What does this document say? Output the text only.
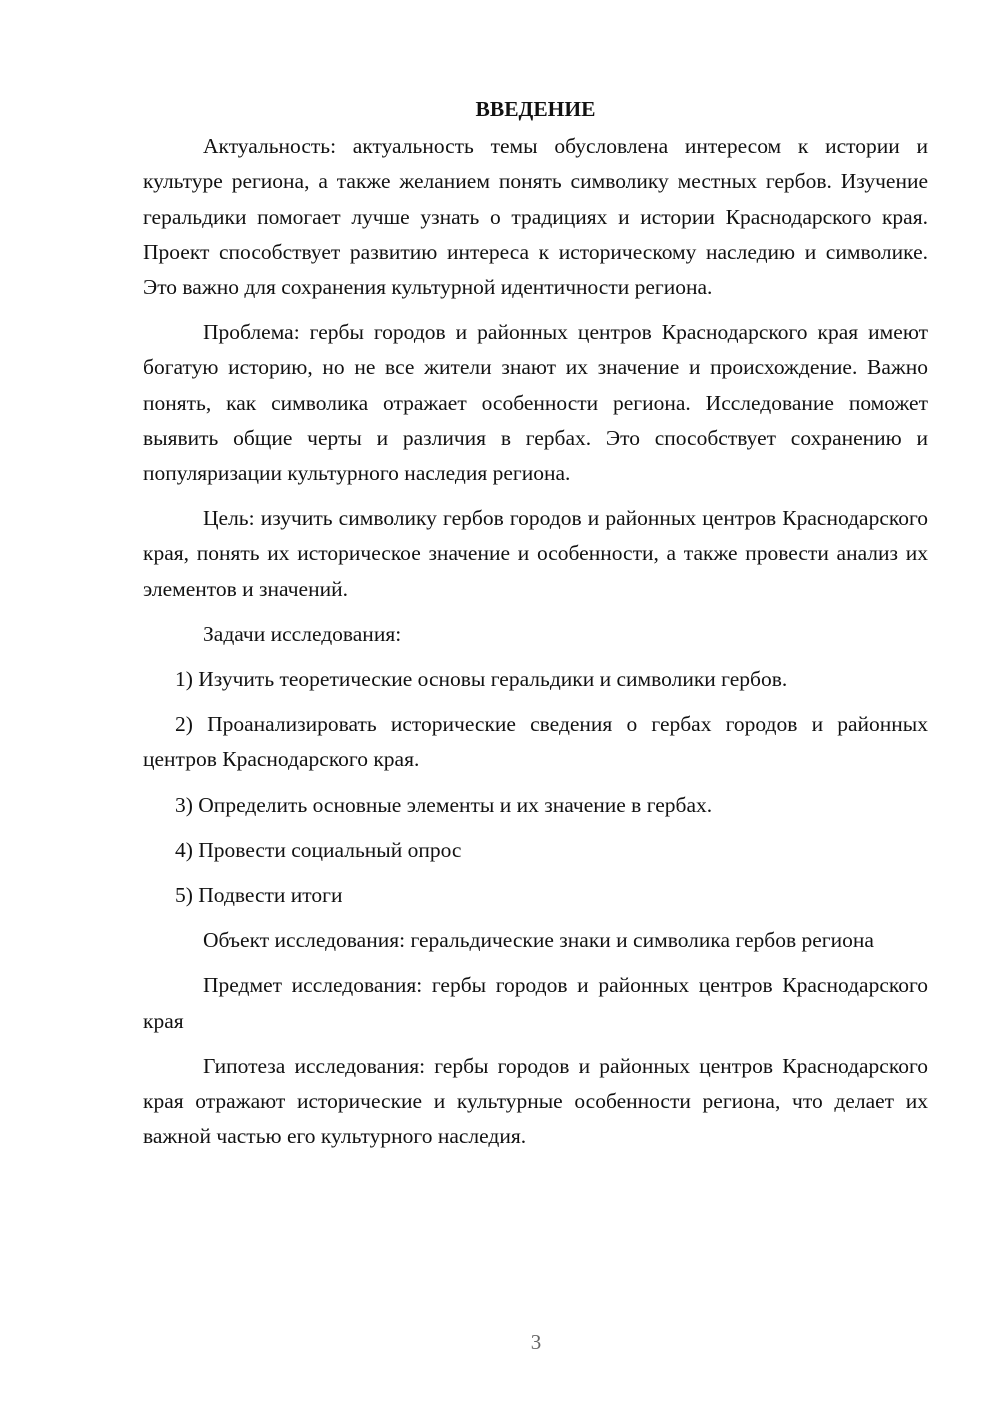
ВВЕДЕНИЕ

Актуальность: актуальность темы обусловлена интересом к истории и культуре региона, а также желанием понять символику местных гербов. Изучение геральдики помогает лучше узнать о традициях и истории Краснодарского края. Проект способствует развитию интереса к историческому наследию и символике. Это важно для сохранения культурной идентичности региона.

Проблема: гербы городов и районных центров Краснодарского края имеют богатую историю, но не все жители знают их значение и происхождение. Важно понять, как символика отражает особенности региона. Исследование поможет выявить общие черты и различия в гербах. Это способствует сохранению и популяризации культурного наследия региона.

Цель: изучить символику гербов городов и районных центров Краснодарского края, понять их историческое значение и особенности, а также провести анализ их элементов и значений.

Задачи исследования:

1) Изучить теоретические основы геральдики и символики гербов.

2) Проанализировать исторические сведения о гербах городов и районных центров Краснодарского края.

3) Определить основные элементы и их значение в гербах.

4) Провести социальный опрос

5) Подвести итоги

Объект исследования: геральдические знаки и символика гербов региона

Предмет исследования: гербы городов и районных центров Краснодарского края

Гипотеза исследования: гербы городов и районных центров Краснодарского края отражают исторические и культурные особенности региона, что делает их важной частью его культурного наследия.

3
